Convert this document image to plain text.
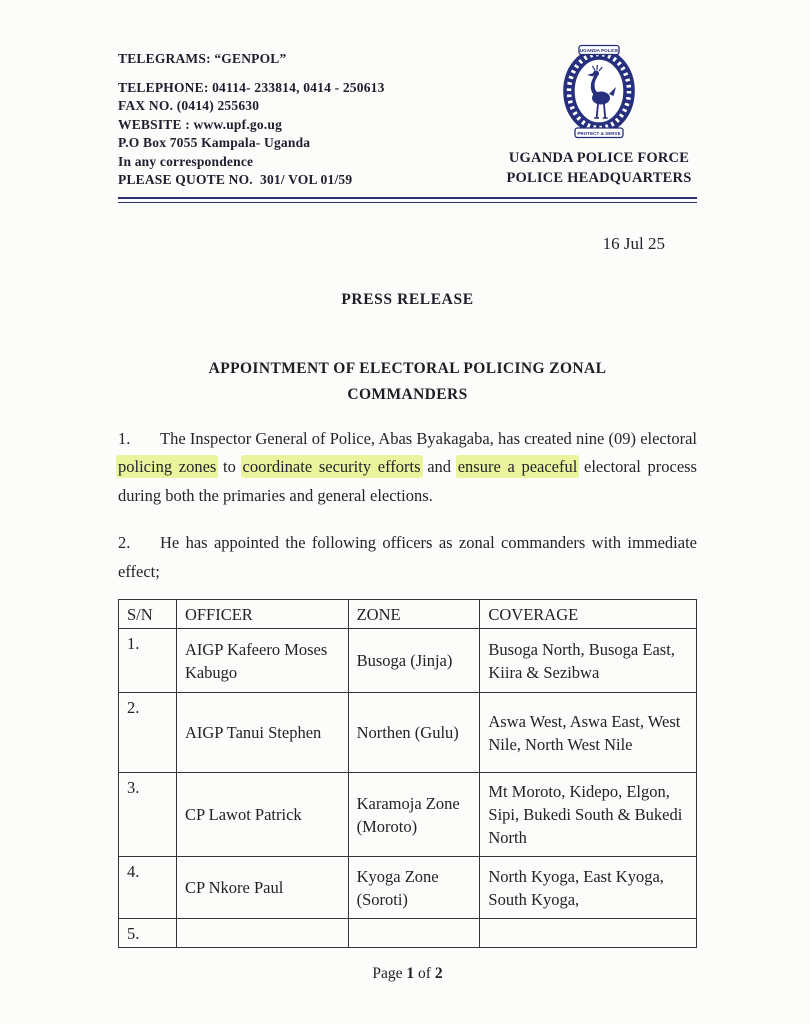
TELEGRAMS: “GENPOL”
TELEPHONE: 04114- 233814, 0414 - 250613
FAX NO. (0414) 255630
WEBSITE : www.upf.go.ug
P.O Box 7055 Kampala- Uganda
In any correspondence
PLEASE QUOTE NO.  301/ VOL 01/59
UGANDA POLICE
PROTECT & SERVE
UGANDA POLICE FORCE
POLICE HEADQUARTERS
16 Jul 25
PRESS RELEASE
APPOINTMENT OF ELECTORAL POLICING ZONAL
COMMANDERS

1. The Inspector General of Police, Abas Byakagaba, has created nine (09) electoral policing zones to coordinate security efforts and ensure a peaceful electoral process during both the primaries and general elections.

2. He has appointed the following officers as zonal commanders with immediate effect;

S/N	OFFICER	ZONE	COVERAGE
1.	AIGP Kafeero Moses Kabugo	Busoga (Jinja)	Busoga North, Busoga East, Kiira & Sezibwa
2.	AIGP Tanui Stephen	Northen (Gulu)	Aswa West, Aswa East, West Nile, North West Nile
3.	CP Lawot Patrick	Karamoja Zone (Moroto)	Mt Moroto, Kidepo, Elgon, Sipi, Bukedi South & Bukedi North
4.	CP Nkore Paul	Kyoga Zone (Soroti)	North Kyoga, East Kyoga, South Kyoga,
5.			
Page 1 of 2
